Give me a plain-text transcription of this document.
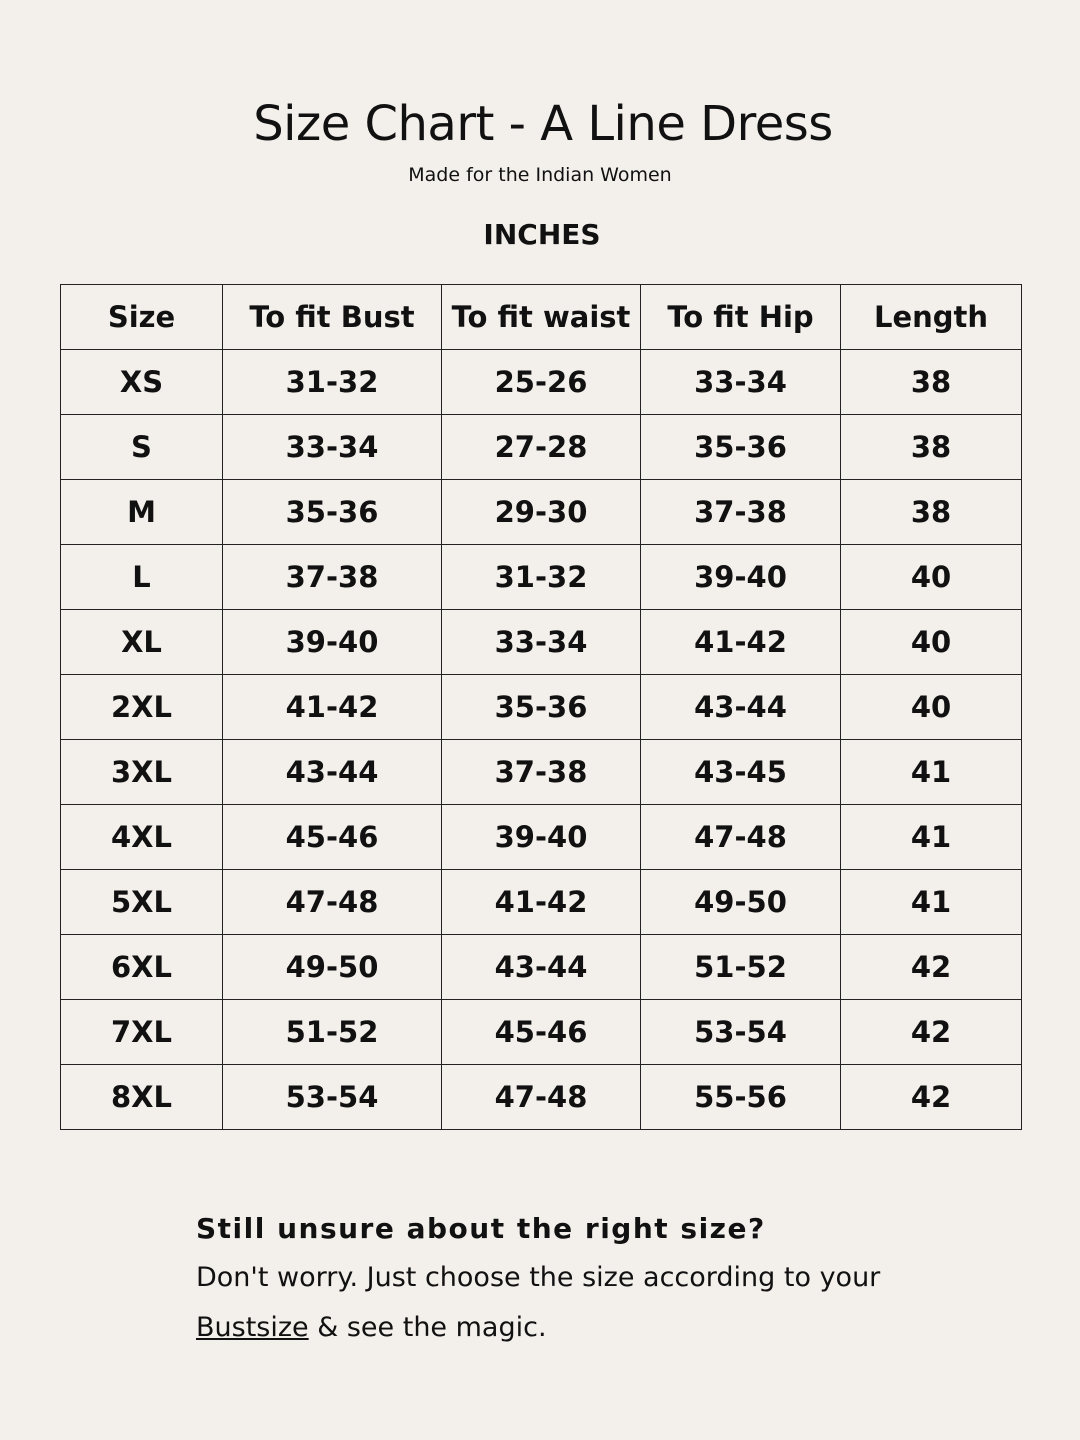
Size Chart - A Line Dress

Made for the Indian Women

INCHES

Size	To fit Bust	To fit waist	To fit Hip	Length
XS	31-32	25-26	33-34	38
S	33-34	27-28	35-36	38
M	35-36	29-30	37-38	38
L	37-38	31-32	39-40	40
XL	39-40	33-34	41-42	40
2XL	41-42	35-36	43-44	40
3XL	43-44	37-38	43-45	41
4XL	45-46	39-40	47-48	41
5XL	47-48	41-42	49-50	41
6XL	49-50	43-44	51-52	42
7XL	51-52	45-46	53-54	42
8XL	53-54	47-48	55-56	42

Still unsure about the right size?

Don't worry. Just choose the size according to your
Bustsize & see the magic.
